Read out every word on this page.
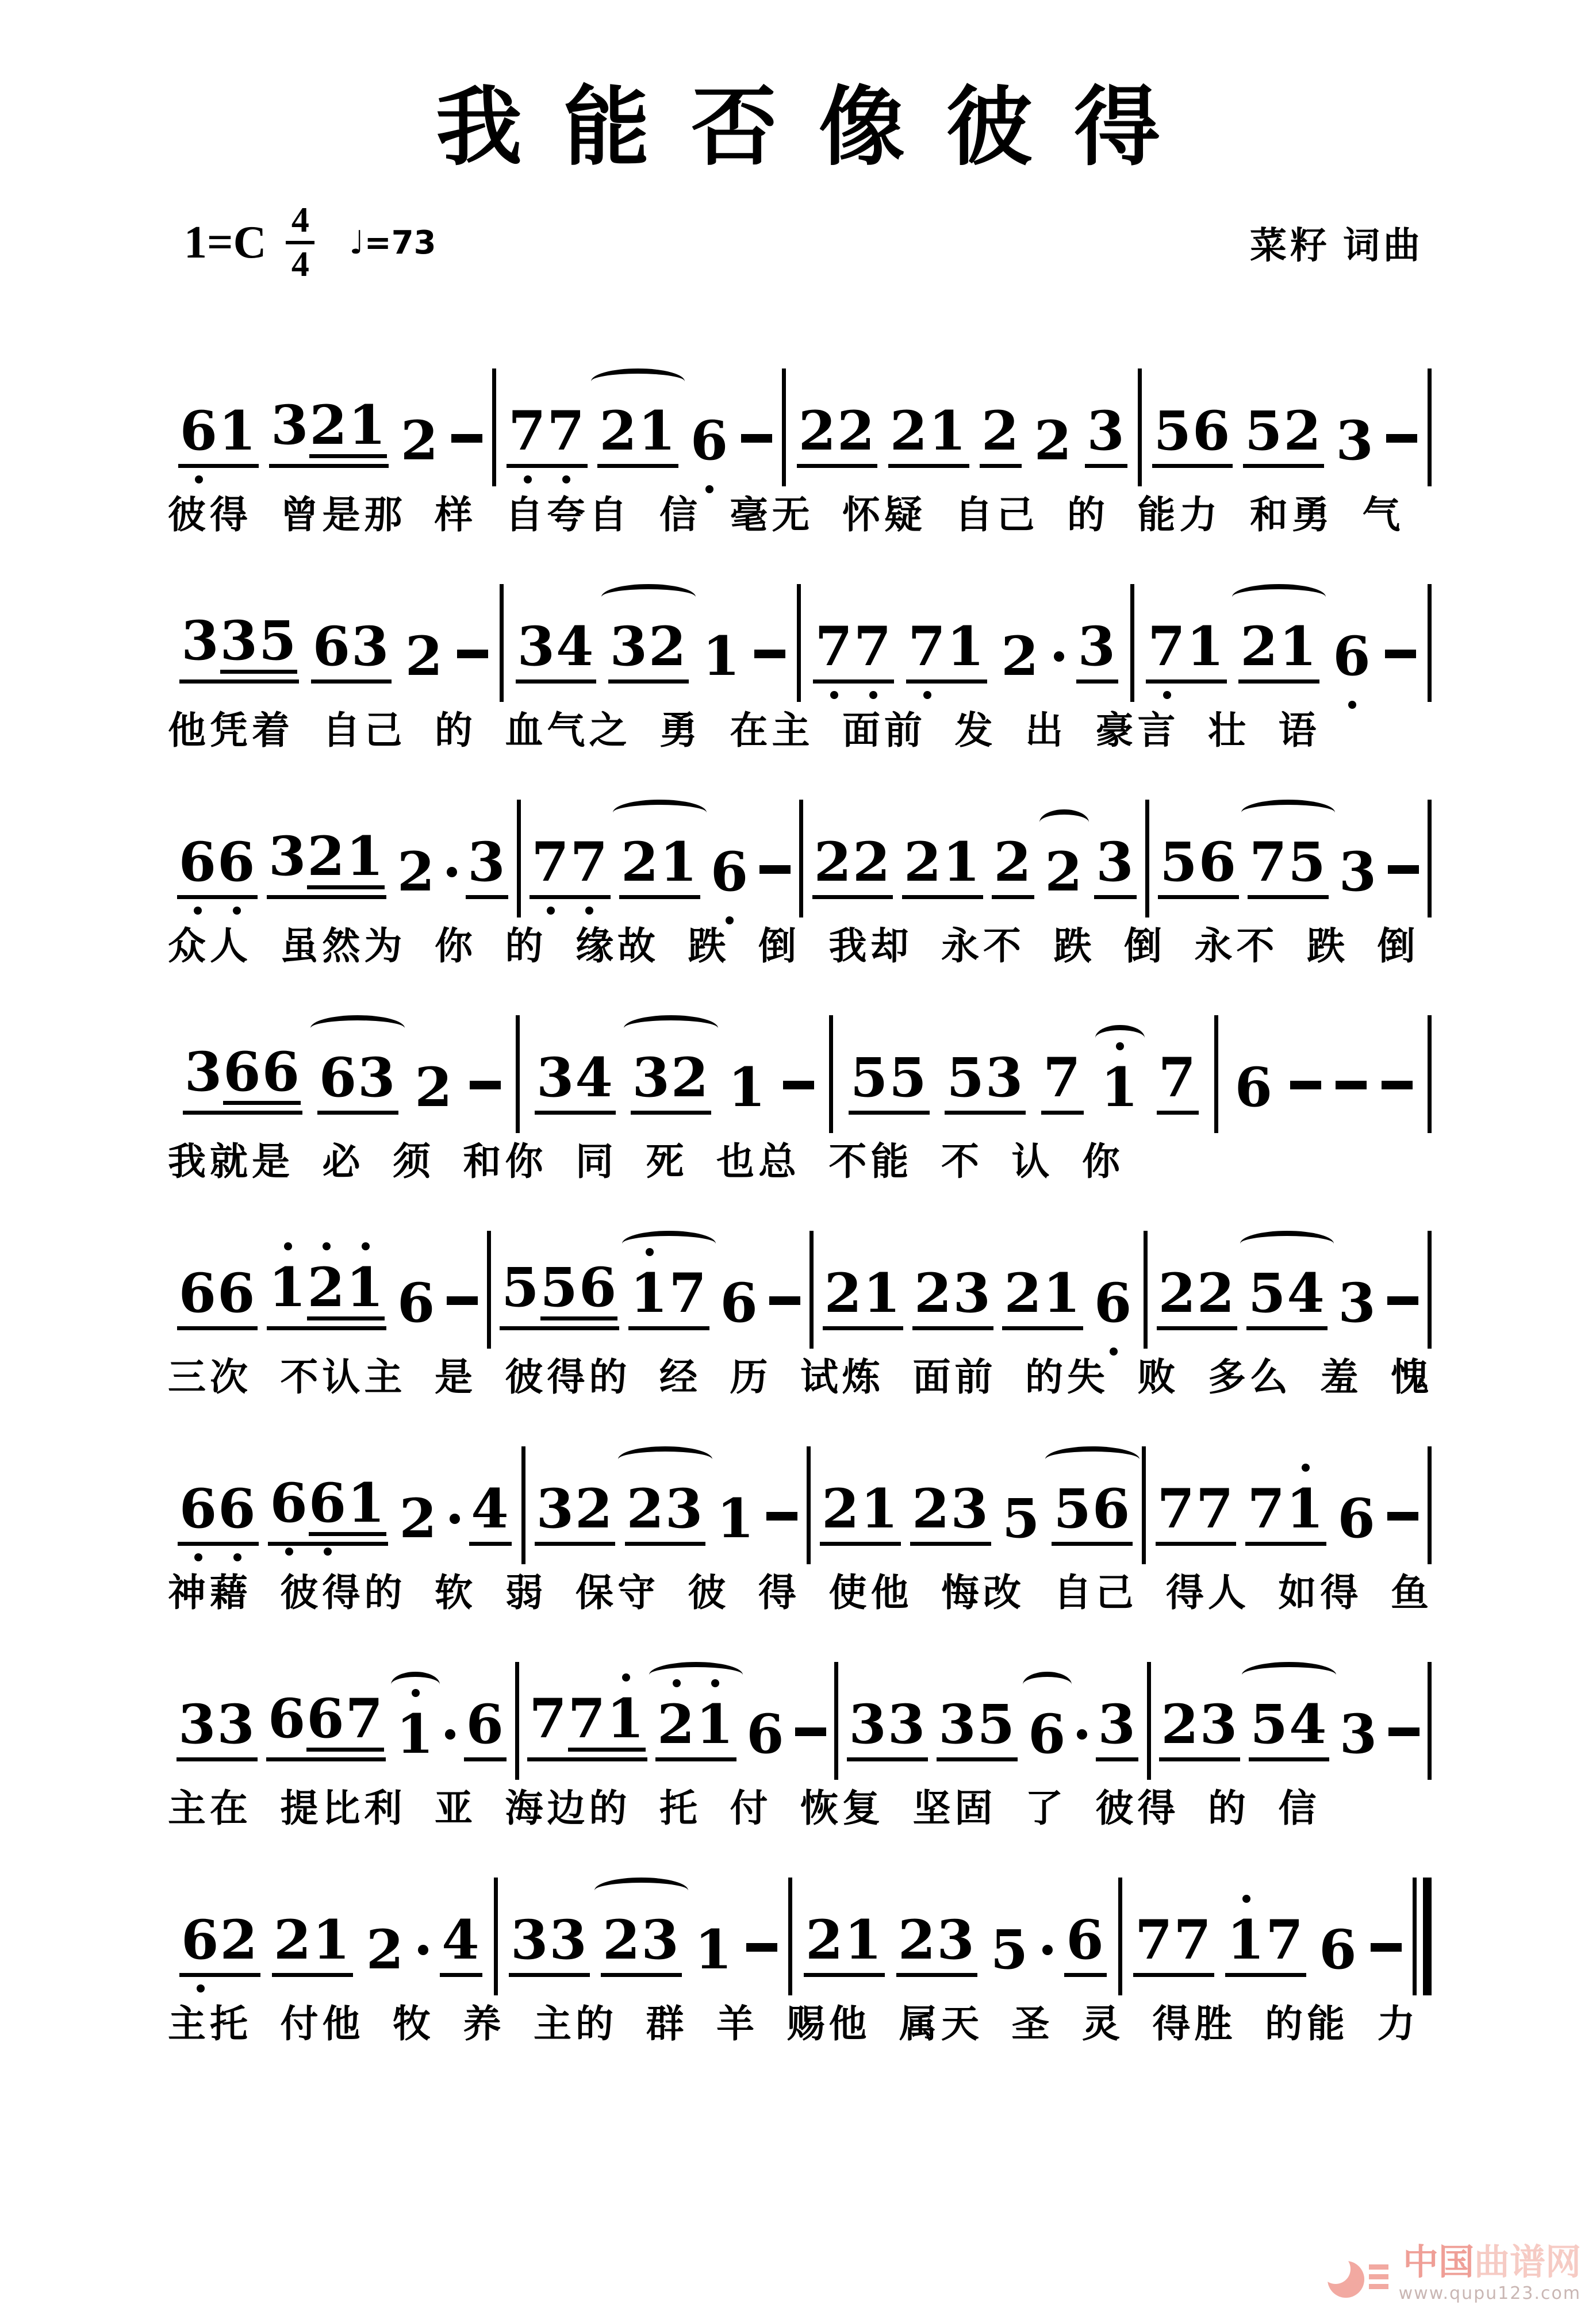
我能否像彼得
1=C 4
4
♩=73	菜籽 词曲
6
1 321 2 7
7 21 6 22 21 2 2 3 56 52 3
彼得 曾是那 样 自夸自 信 毫无 怀疑 自己 的 能力 和勇 气
335 63 2 34 32 1 7
7 7
1 2 3 7
1 21 6
他凭着 自己 的 血气之 勇 在主 面前 发 出 豪言 壮 语
6
6 321 2 3 7
7 21 6 22 21 2 2 3 56 75 3
众人 虽然为 你 的 缘故 跌 倒 我却 永不 跌 倒 永不 跌 倒
366 63 2 34 32 1 55 53 7 1 7 6
我就是 必 须 和你 同 死 也总 不能 不 认 你
66 1
2
1 6 556 1
7 6 21 23 21 6 22 54 3
三次 不认主 是 彼得的 经 历 试炼 面前 的失 败 多么 羞 愧
6
6 6
6
1 2 4 32 23 1 21 23 5 56 77 71 6
神藉 彼得的 软 弱 保守 彼 得 使他 悔改 自己 得人 如得 鱼
33 667 1 6 771 2
1 6 33 35 6 3 23 54 3
主在 提比利 亚 海边的 托 付 恢复 坚固 了 彼得 的 信
6
2 21 2 4 33 23 1 21 23 5 6 77 1
7 6
主托 付他 牧 养 主的 群 羊 赐他 属天 圣 灵 得胜 的能 力
中国曲谱网
www.qupu123.com
